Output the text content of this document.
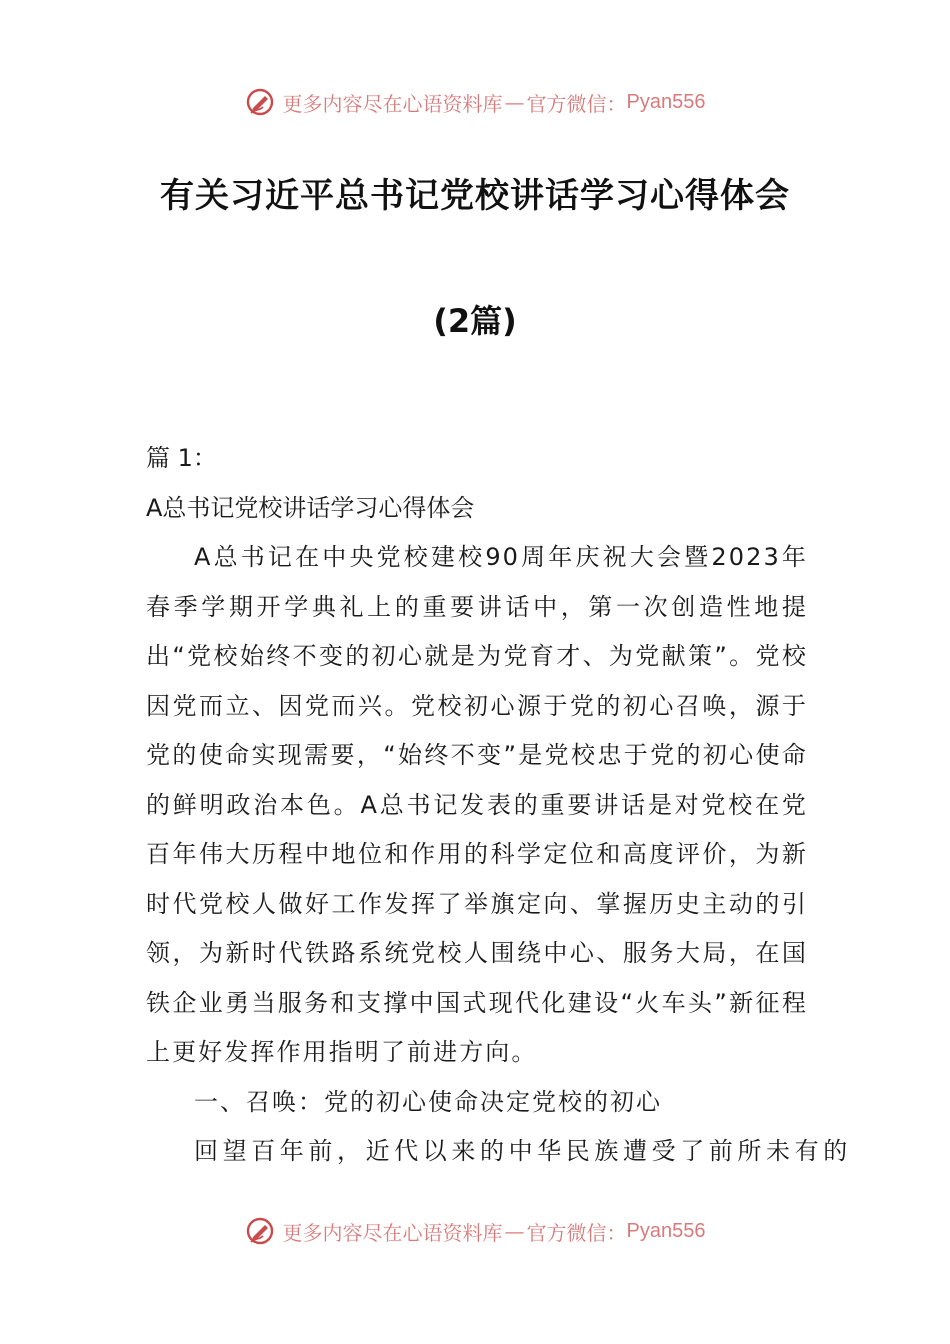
更多内容尽在心语资料库 — 官方微信： Pyan556
有关习近平总书记党校讲话学习心得体会
(2篇)

篇 1：

A总书记党校讲话学习心得体会

A总书记在中央党校建校90周年庆祝大会暨2023年春季学期开学典礼上的重要讲话中，第一次创造性地提出“党校始终不变的初心就是为党育才、为党献策”。党校因党而立、因党而兴。党校初心源于党的初心召唤，源于党的使命实现需要，“始终不变”是党校忠于党的初心使命的鲜明政治本色。A总书记发表的重要讲话是对党校在党百年伟大历程中地位和作用的科学定位和高度评价，为新时代党校人做好工作发挥了举旗定向、掌握历史主动的引领，为新时代铁路系统党校人围绕中心、服务大局，在国铁企业勇当服务和支撑中国式现代化建设“火车头”新征程上更好发挥作用指明了前进方向。

一、召唤：党的初心使命决定党校的初心

回望百年前，近代以来的中华民族遭受了前所未有的

更多内容尽在心语资料库 — 官方微信： Pyan556
